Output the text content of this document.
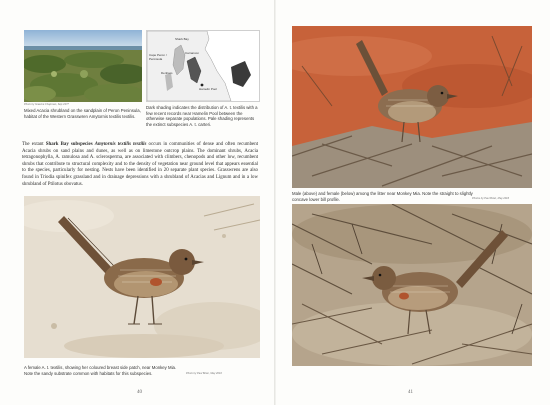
Photo by Graeme Chapman, Sep 1977
Mixed Acacia shrubland on the sandplain of Peron Peninsula, habitat of the Western Grasswren Amytornis textilis textilis.
Shark Bay
Cape Peron / Peninsula
Carnarvon
Denham
Hamelin Pool
Dark shading indicates the distribution of A. t. textilis with a few recent records near Hamelin Pool between the otherwise separate populations. Pale shading represents the extinct subspecies A. t. carteri.
The extant Shark Bay subspecies Amytornis textilis textilis occurs in communities of dense and often recumbent Acacia shrubs on sand plains and dunes, as well as on limestone outcrop plains. The dominant shrubs, Acacia tetragonophylla, A. ramulosa and A. sclerosperma, are associated with climbers, chenopods and other low, recumbent shrubs that contribute to structural complexity and to the density of vegetation near ground level that appears essential to the species, particularly for nesting. Nests have been identified in 20 separate plant species. Grasswrens are also found in Triodia spinifex grassland and in drainage depressions with a shrubland of Acacias and Lignum and in a low shrubland of Ptilotus obovatus.
Photo by Paul Brian, May 2016
A female A. t. textilis, showing her coloured breast side patch, near Monkey Mia. Note the sandy substrate common with habitats for this subspecies.
40
Male (above) and female (below) among the litter near Monkey Mia. Note the straight to slightly concave lower bill profile.	Photos by Paul Brian, May 2016
41
